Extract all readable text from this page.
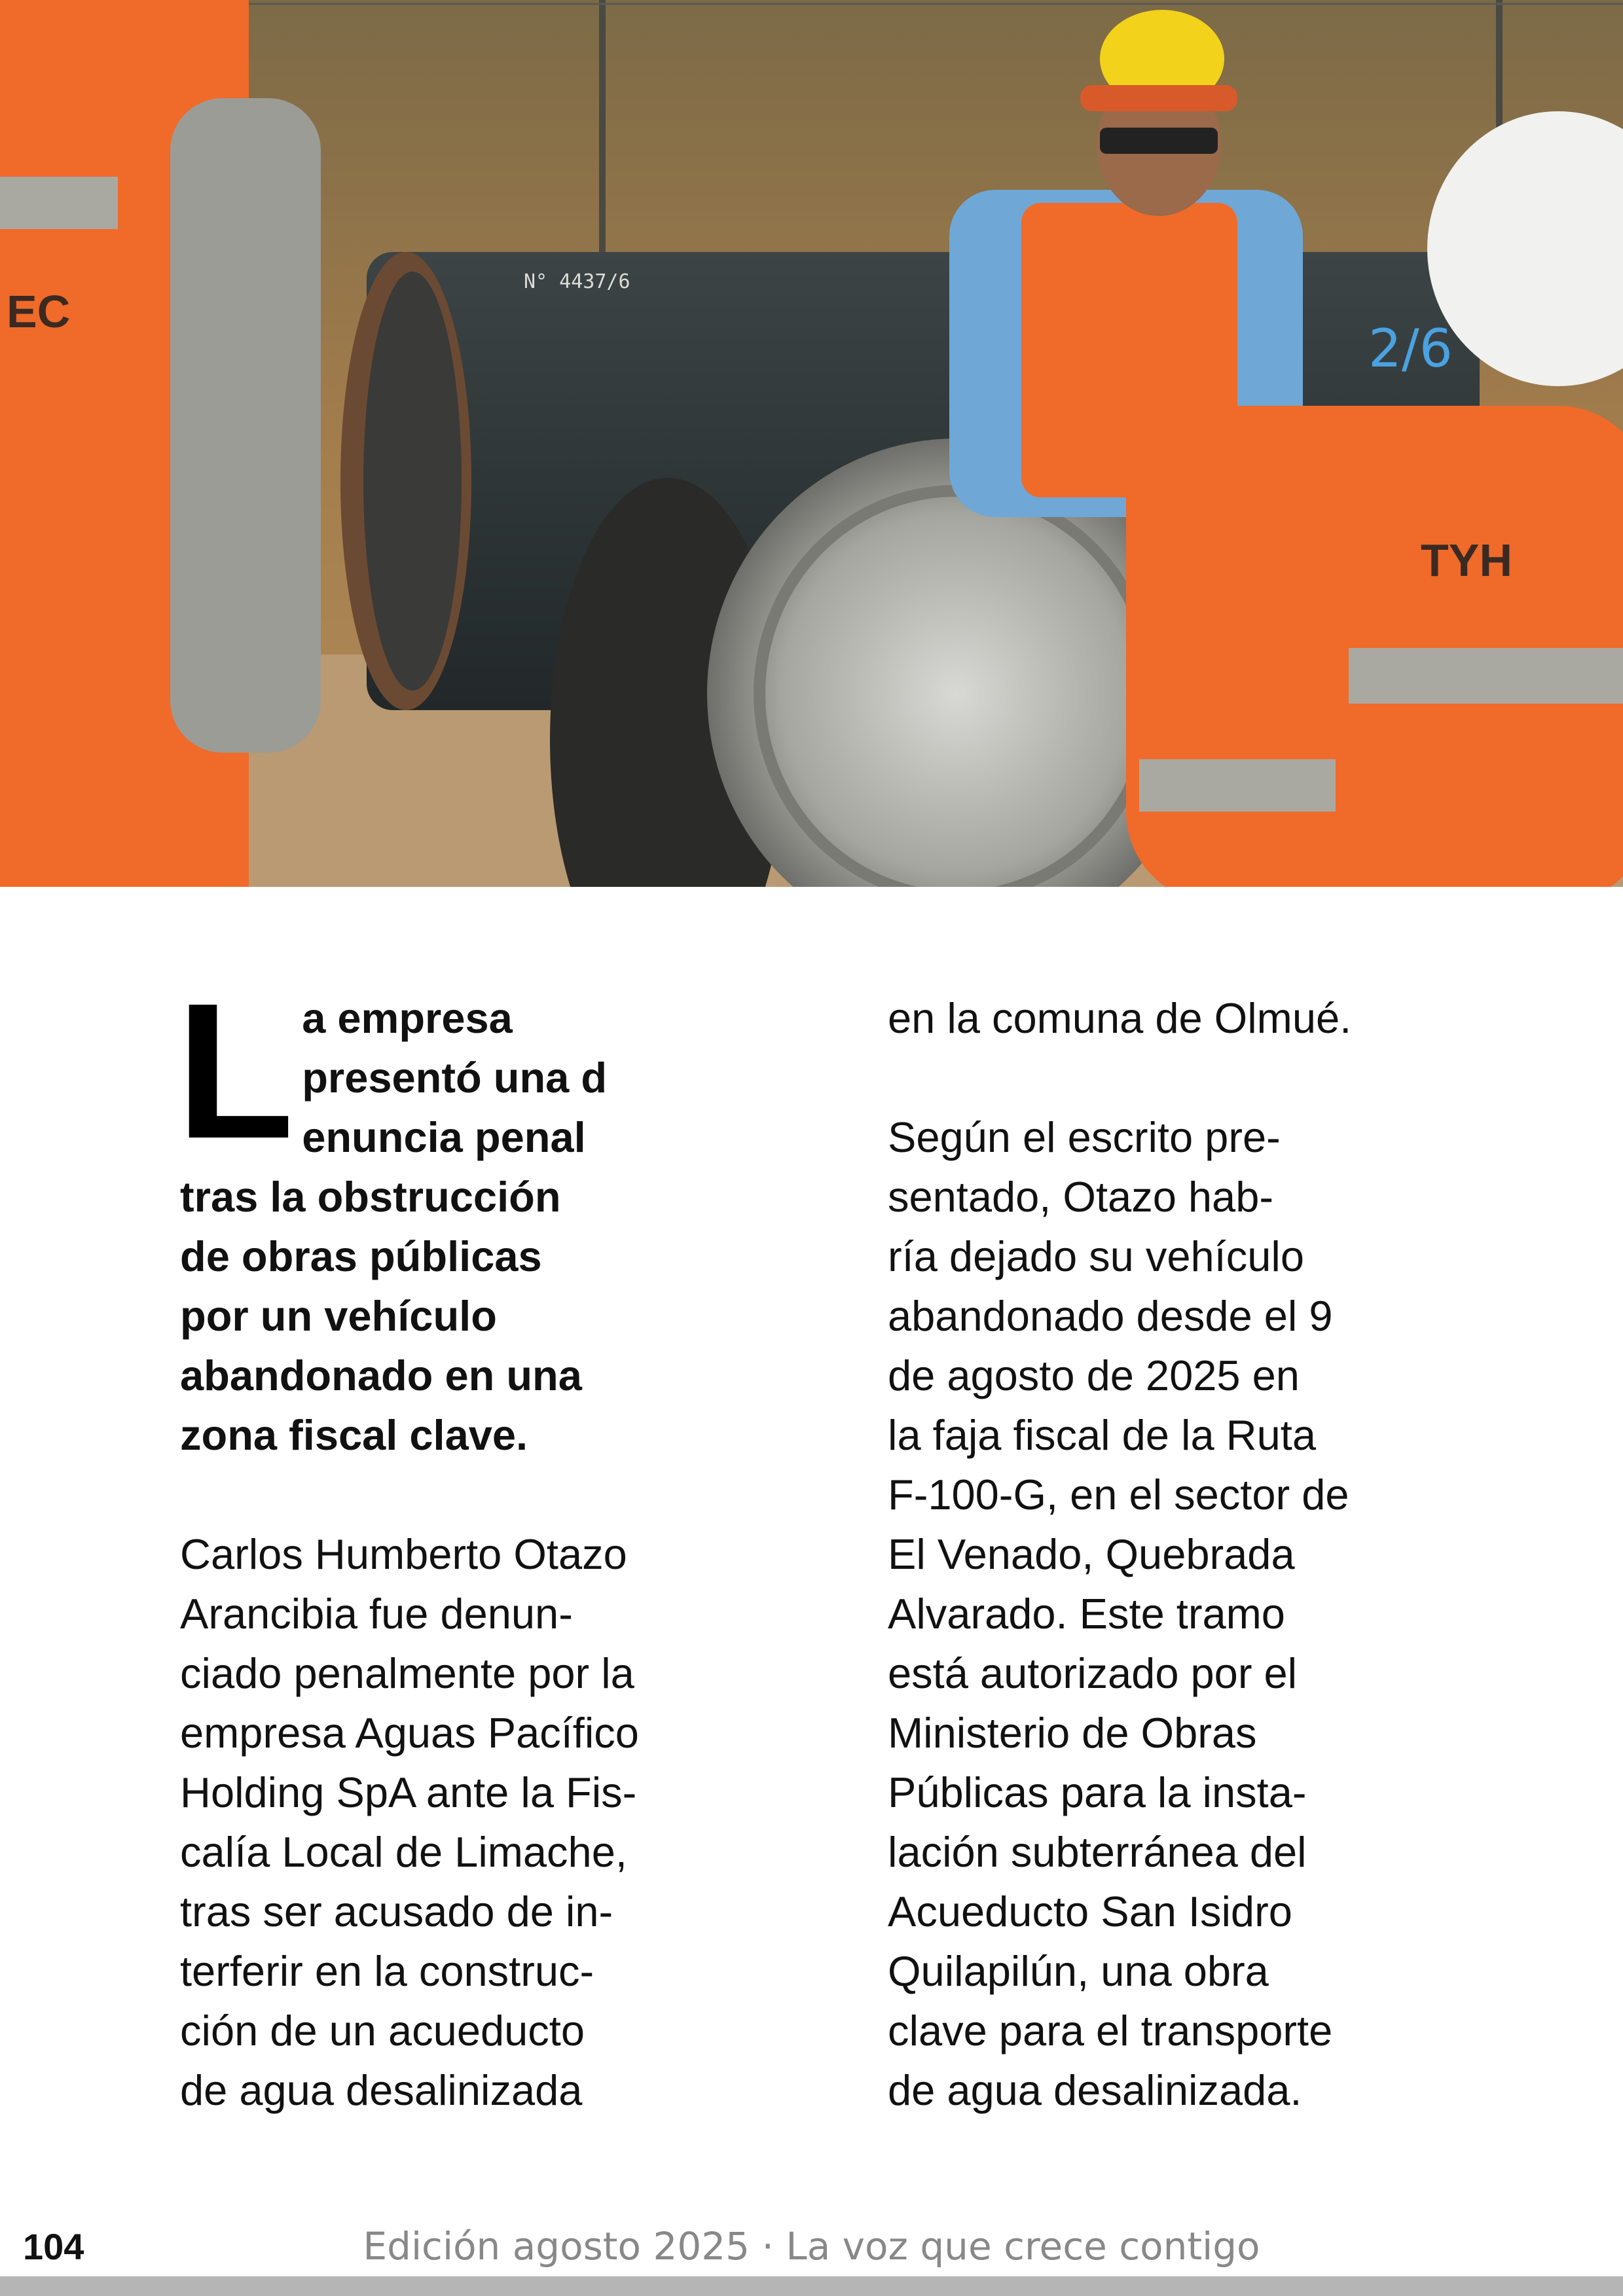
N° 4437/6
2/6
EC
TYH

L a empresa
presentó una d
enuncia penal
tras la obstrucción
de obras públicas
por un vehículo
abandonado en una
zona fiscal clave.

Carlos Humberto Otazo
Arancibia fue denun-
ciado penalmente por la
empresa Aguas Pacífico
Holding SpA ante la Fis-
calía Local de Limache,
tras ser acusado de in-
terferir en la construc-
ción de un acueducto
de agua desalinizada

en la comuna de Olmué.

Según el escrito pre-
sentado, Otazo hab-
ría dejado su vehículo
abandonado desde el 9
de agosto de 2025 en
la faja fiscal de la Ruta
F-100-G, en el sector de
El Venado, Quebrada
Alvarado. Este tramo
está autorizado por el
Ministerio de Obras
Públicas para la insta-
lación subterránea del
Acueducto San Isidro
Quilapilún, una obra
clave para el transporte
de agua desalinizada.

104	Edición agosto 2025 · La voz que crece contigo
